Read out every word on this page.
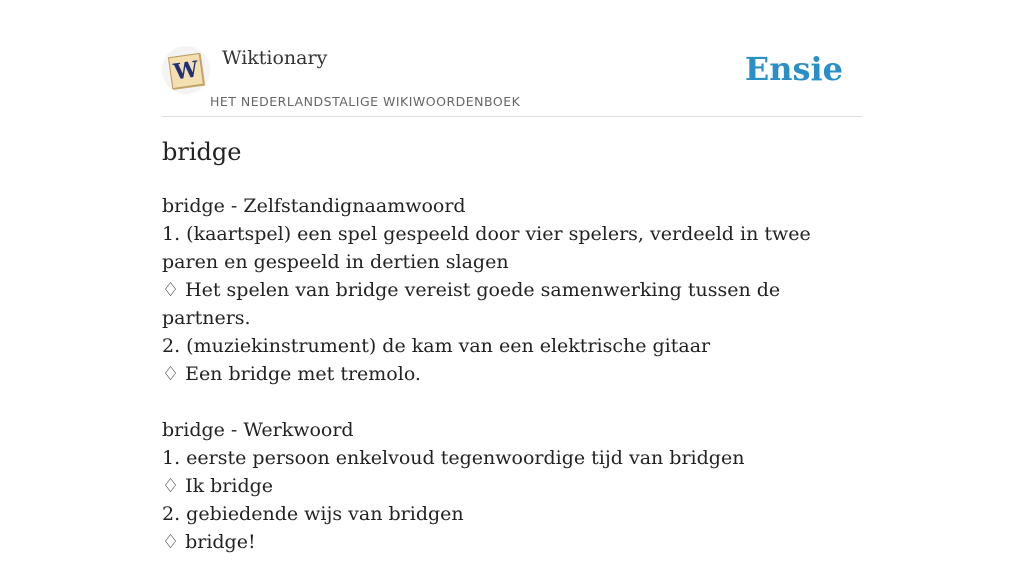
W Wiktionary
HET NEDERLANDSTALIGE WIKIWOORDENBOEK
Ensie
bridge
bridge - Zelfstandignaamwoord
1. (kaartspel) een spel gespeeld door vier spelers, verdeeld in twee paren en gespeeld in dertien slagen
♢ Het spelen van bridge vereist goede samenwerking tussen de partners.
2. (muziekinstrument) de kam van een elektrische gitaar
♢ Een bridge met tremolo.
bridge - Werkwoord
1. eerste persoon enkelvoud tegenwoordige tijd van bridgen
♢ Ik bridge
2. gebiedende wijs van bridgen
♢ bridge!
